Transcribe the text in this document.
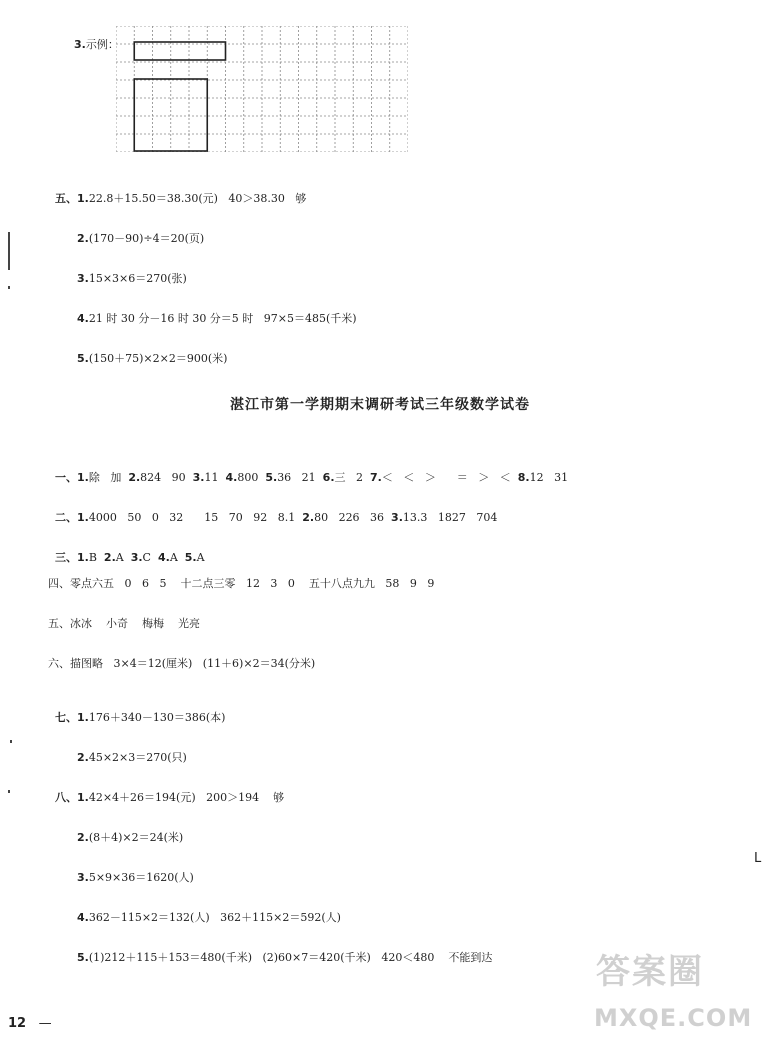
3.示例：

五、1.22.8＋15.50＝38.30(元)   40＞38.30   够

2.(170－90)÷4＝20(页)

3.15×3×6＝270(张)

4.21 时 30 分－16 时 30 分＝5 时   97×5＝485(千米)

5.(150＋75)×2×2＝900(米)

湛江市第一学期期末调研考试三年级数学试卷

一、1.除   加  2.824   90  3.11  4.800  5.36   21  6.三   2  7.＜   ＜   ＞      ＝   ＞   ＜  8.12   31

二、1.4000   50   0   32      15   70   92   8.1  2.80   226   36  3.13.3   1827   704

三、1.B  2.A  3.C  4.A  5.A

四、零点六五   0   6   5    十二点三零   12   3   0    五十八点九九   58   9   9
五、冰冰    小奇    梅梅    光亮
六、描图略   3×4＝12(厘米)   (11＋6)×2＝34(分米)

七、1.176＋340－130＝386(本)

2.45×2×3＝270(只)

八、1.42×4＋26＝194(元)   200＞194    够

2.(8＋4)×2＝24(米)

3.5×9×36＝1620(人)

4.362－115×2＝132(人)   362＋115×2＝592(人)

5.(1)212＋115＋153＝480(千米)   (2)60×7＝420(千米)   420＜480    不能到达

L
12 —
答案圈
MXQE.COM
